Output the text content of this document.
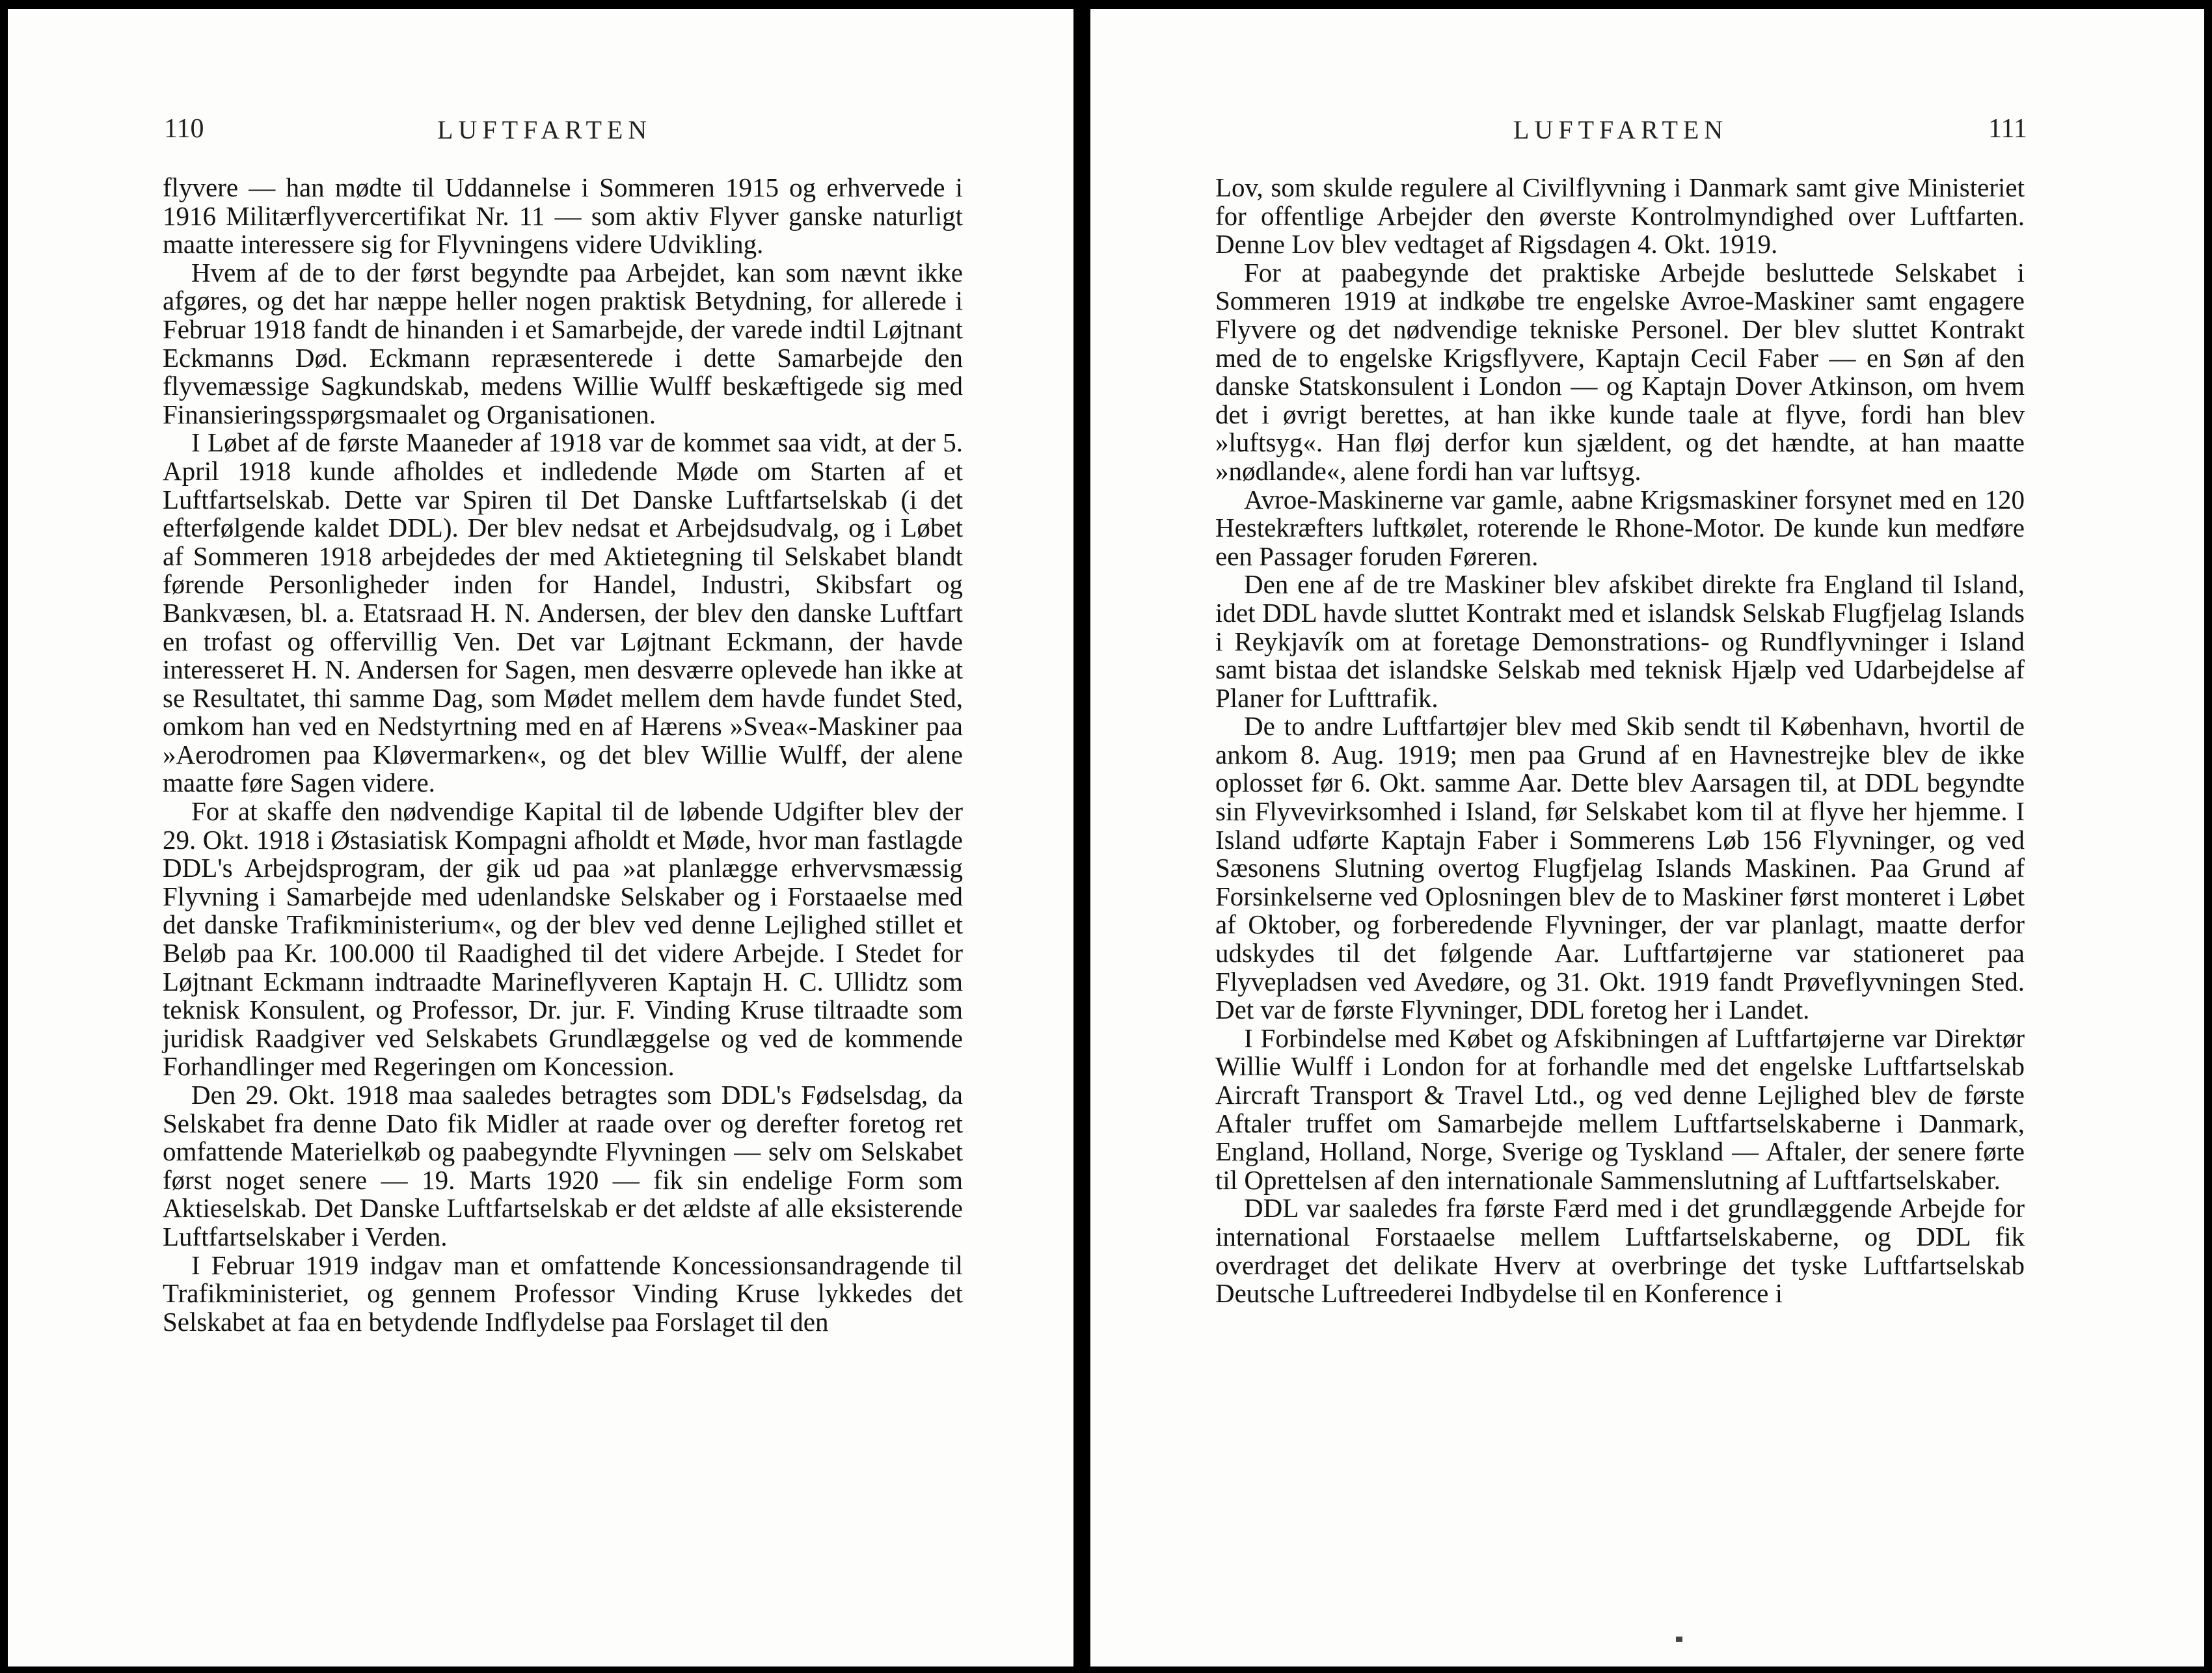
110	LUFTFARTEN

flyvere — han mødte til Uddannelse i Sommeren 1915 og erhvervede i 1916 Militærflyvercertifikat Nr. 11 — som aktiv Flyver ganske naturligt maatte interessere sig for Flyvningens videre Udvikling.

Hvem af de to der først begyndte paa Arbejdet, kan som nævnt ikke afgøres, og det har næppe heller nogen praktisk Betydning, for allerede i Februar 1918 fandt de hinanden i et Samarbejde, der varede indtil Løjtnant Eckmanns Død. Eckmann repræsenterede i dette Samarbejde den flyvemæssige Sagkundskab, medens Willie Wulff beskæftigede sig med Finansieringsspørgsmaalet og Organisationen.

I Løbet af de første Maaneder af 1918 var de kommet saa vidt, at der 5. April 1918 kunde afholdes et indledende Møde om Starten af et Luftfartselskab. Dette var Spiren til Det Danske Luftfartselskab (i det efterfølgende kaldet DDL). Der blev nedsat et Arbejdsudvalg, og i Løbet af Sommeren 1918 arbejdedes der med Aktietegning til Selskabet blandt førende Personligheder inden for Handel, Industri, Skibsfart og Bankvæsen, bl. a. Etatsraad H. N. Andersen, der blev den danske Luftfart en trofast og offervillig Ven. Det var Løjtnant Eckmann, der havde interesseret H. N. Andersen for Sagen, men desværre oplevede han ikke at se Resultatet, thi samme Dag, som Mødet mellem dem havde fundet Sted, omkom han ved en Nedstyrtning med en af Hærens »Svea«-Maskiner paa »Aerodromen paa Kløvermarken«, og det blev Willie Wulff, der alene maatte føre Sagen videre.

For at skaffe den nødvendige Kapital til de løbende Udgifter blev der 29. Okt. 1918 i Østasiatisk Kompagni afholdt et Møde, hvor man fastlagde DDL's Arbejdsprogram, der gik ud paa »at planlægge erhvervsmæssig Flyvning i Samarbejde med udenlandske Selskaber og i Forstaaelse med det danske Trafikministerium«, og der blev ved denne Lejlighed stillet et Beløb paa Kr. 100.000 til Raadighed til det videre Arbejde. I Stedet for Løjtnant Eckmann indtraadte Marineflyveren Kaptajn H. C. Ullidtz som teknisk Konsulent, og Professor, Dr. jur. F. Vinding Kruse tiltraadte som juridisk Raadgiver ved Selskabets Grundlæggelse og ved de kommende Forhandlinger med Regeringen om Koncession.

Den 29. Okt. 1918 maa saaledes betragtes som DDL's Fødselsdag, da Selskabet fra denne Dato fik Midler at raade over og derefter foretog ret omfattende Materielkøb og paabegyndte Flyvningen — selv om Selskabet først noget senere — 19. Marts 1920 — fik sin endelige Form som Aktieselskab. Det Danske Luftfartselskab er det ældste af alle eksisterende Luftfartselskaber i Verden.

I Februar 1919 indgav man et omfattende Koncessionsandragende til Trafikministeriet, og gennem Professor Vinding Kruse lykkedes det Selskabet at faa en betydende Indflydelse paa Forslaget til den

LUFTFARTEN	111

Lov, som skulde regulere al Civilflyvning i Danmark samt give Ministeriet for offentlige Arbejder den øverste Kontrolmyndighed over Luftfarten. Denne Lov blev vedtaget af Rigsdagen 4. Okt. 1919.

For at paabegynde det praktiske Arbejde besluttede Selskabet i Sommeren 1919 at indkøbe tre engelske Avroe-Maskiner samt engagere Flyvere og det nødvendige tekniske Personel. Der blev sluttet Kontrakt med de to engelske Krigsflyvere, Kaptajn Cecil Faber — en Søn af den danske Statskonsulent i London — og Kaptajn Dover Atkinson, om hvem det i øvrigt berettes, at han ikke kunde taale at flyve, fordi han blev »luftsyg«. Han fløj derfor kun sjældent, og det hændte, at han maatte »nødlande«, alene fordi han var luftsyg.

Avroe-Maskinerne var gamle, aabne Krigsmaskiner forsynet med en 120 Hestekræfters luftkølet, roterende le Rhone-Motor. De kunde kun medføre een Passager foruden Føreren.

Den ene af de tre Maskiner blev afskibet direkte fra England til Island, idet DDL havde sluttet Kontrakt med et islandsk Selskab Flugfjelag Islands i Reykjavík om at foretage Demonstrations- og Rundflyvninger i Island samt bistaa det islandske Selskab med teknisk Hjælp ved Udarbejdelse af Planer for Lufttrafik.

De to andre Luftfartøjer blev med Skib sendt til København, hvortil de ankom 8. Aug. 1919; men paa Grund af en Havnestrejke blev de ikke oplosset før 6. Okt. samme Aar. Dette blev Aarsagen til, at DDL begyndte sin Flyvevirksomhed i Island, før Selskabet kom til at flyve her hjemme. I Island udførte Kaptajn Faber i Sommerens Løb 156 Flyvninger, og ved Sæsonens Slutning overtog Flugfjelag Islands Maskinen. Paa Grund af Forsinkelserne ved Oplosningen blev de to Maskiner først monteret i Løbet af Oktober, og forberedende Flyvninger, der var planlagt, maatte derfor udskydes til det følgende Aar. Luftfartøjerne var stationeret paa Flyvepladsen ved Avedøre, og 31. Okt. 1919 fandt Prøveflyvningen Sted. Det var de første Flyvninger, DDL foretog her i Landet.

I Forbindelse med Købet og Afskibningen af Luftfartøjerne var Direktør Willie Wulff i London for at forhandle med det engelske Luftfartselskab Aircraft Transport & Travel Ltd., og ved denne Lejlighed blev de første Aftaler truffet om Samarbejde mellem Luftfartselskaberne i Danmark, England, Holland, Norge, Sverige og Tyskland — Aftaler, der senere førte til Oprettelsen af den internationale Sammenslutning af Luftfartselskaber.

DDL var saaledes fra første Færd med i det grundlæggende Arbejde for international Forstaaelse mellem Luftfartselskaberne, og DDL fik overdraget det delikate Hverv at overbringe det tyske Luftfartselskab Deutsche Luftreederei Indbydelse til en Konference i
